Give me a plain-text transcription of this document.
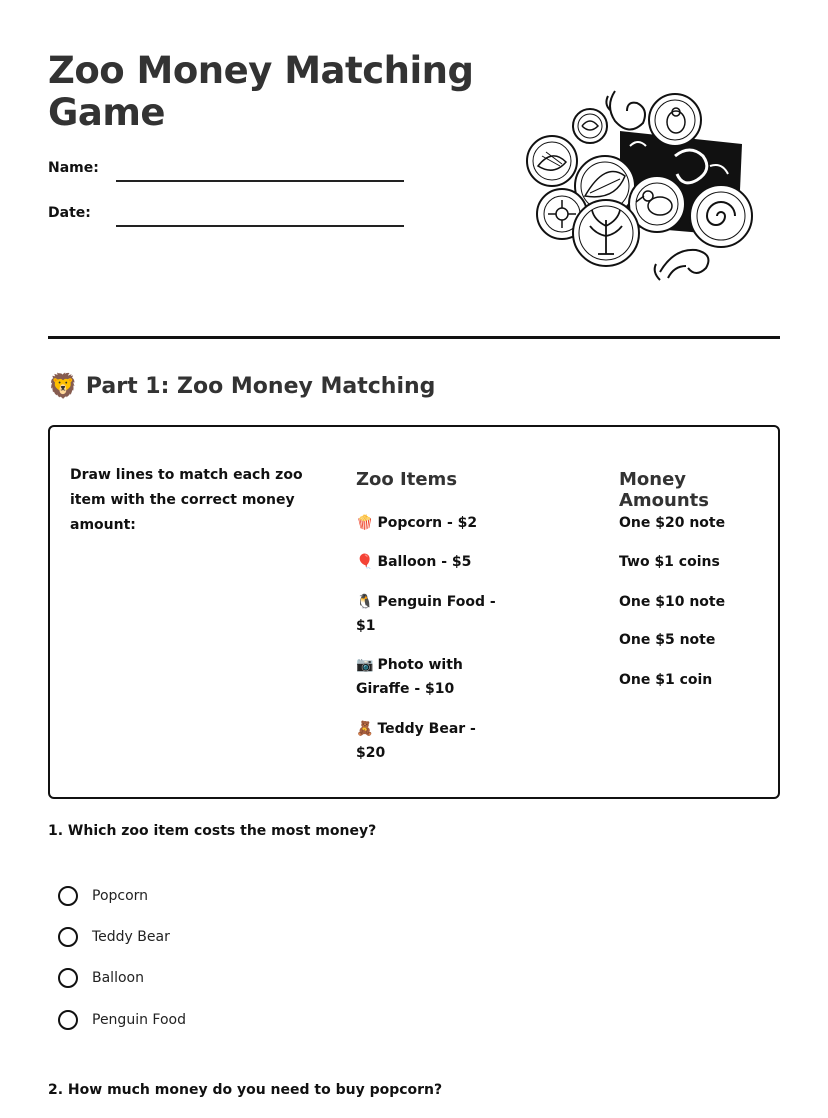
Zoo Money Matching Game
Name:
Date:
🦁 Part 1: Zoo Money Matching
Draw lines to match each zoo item with the correct money amount:
Zoo Items	Money Amounts
🍿 Popcorn - $2
🎈 Balloon - $5
🐧 Penguin Food - $1
📷 Photo with Giraffe - $10
🧸 Teddy Bear - $20
One $20 note
Two $1 coins
One $10 note
One $5 note
One $1 coin
1. Which zoo item costs the most money?
Popcorn
Teddy Bear
Balloon
Penguin Food
2. How much money do you need to buy popcorn?
